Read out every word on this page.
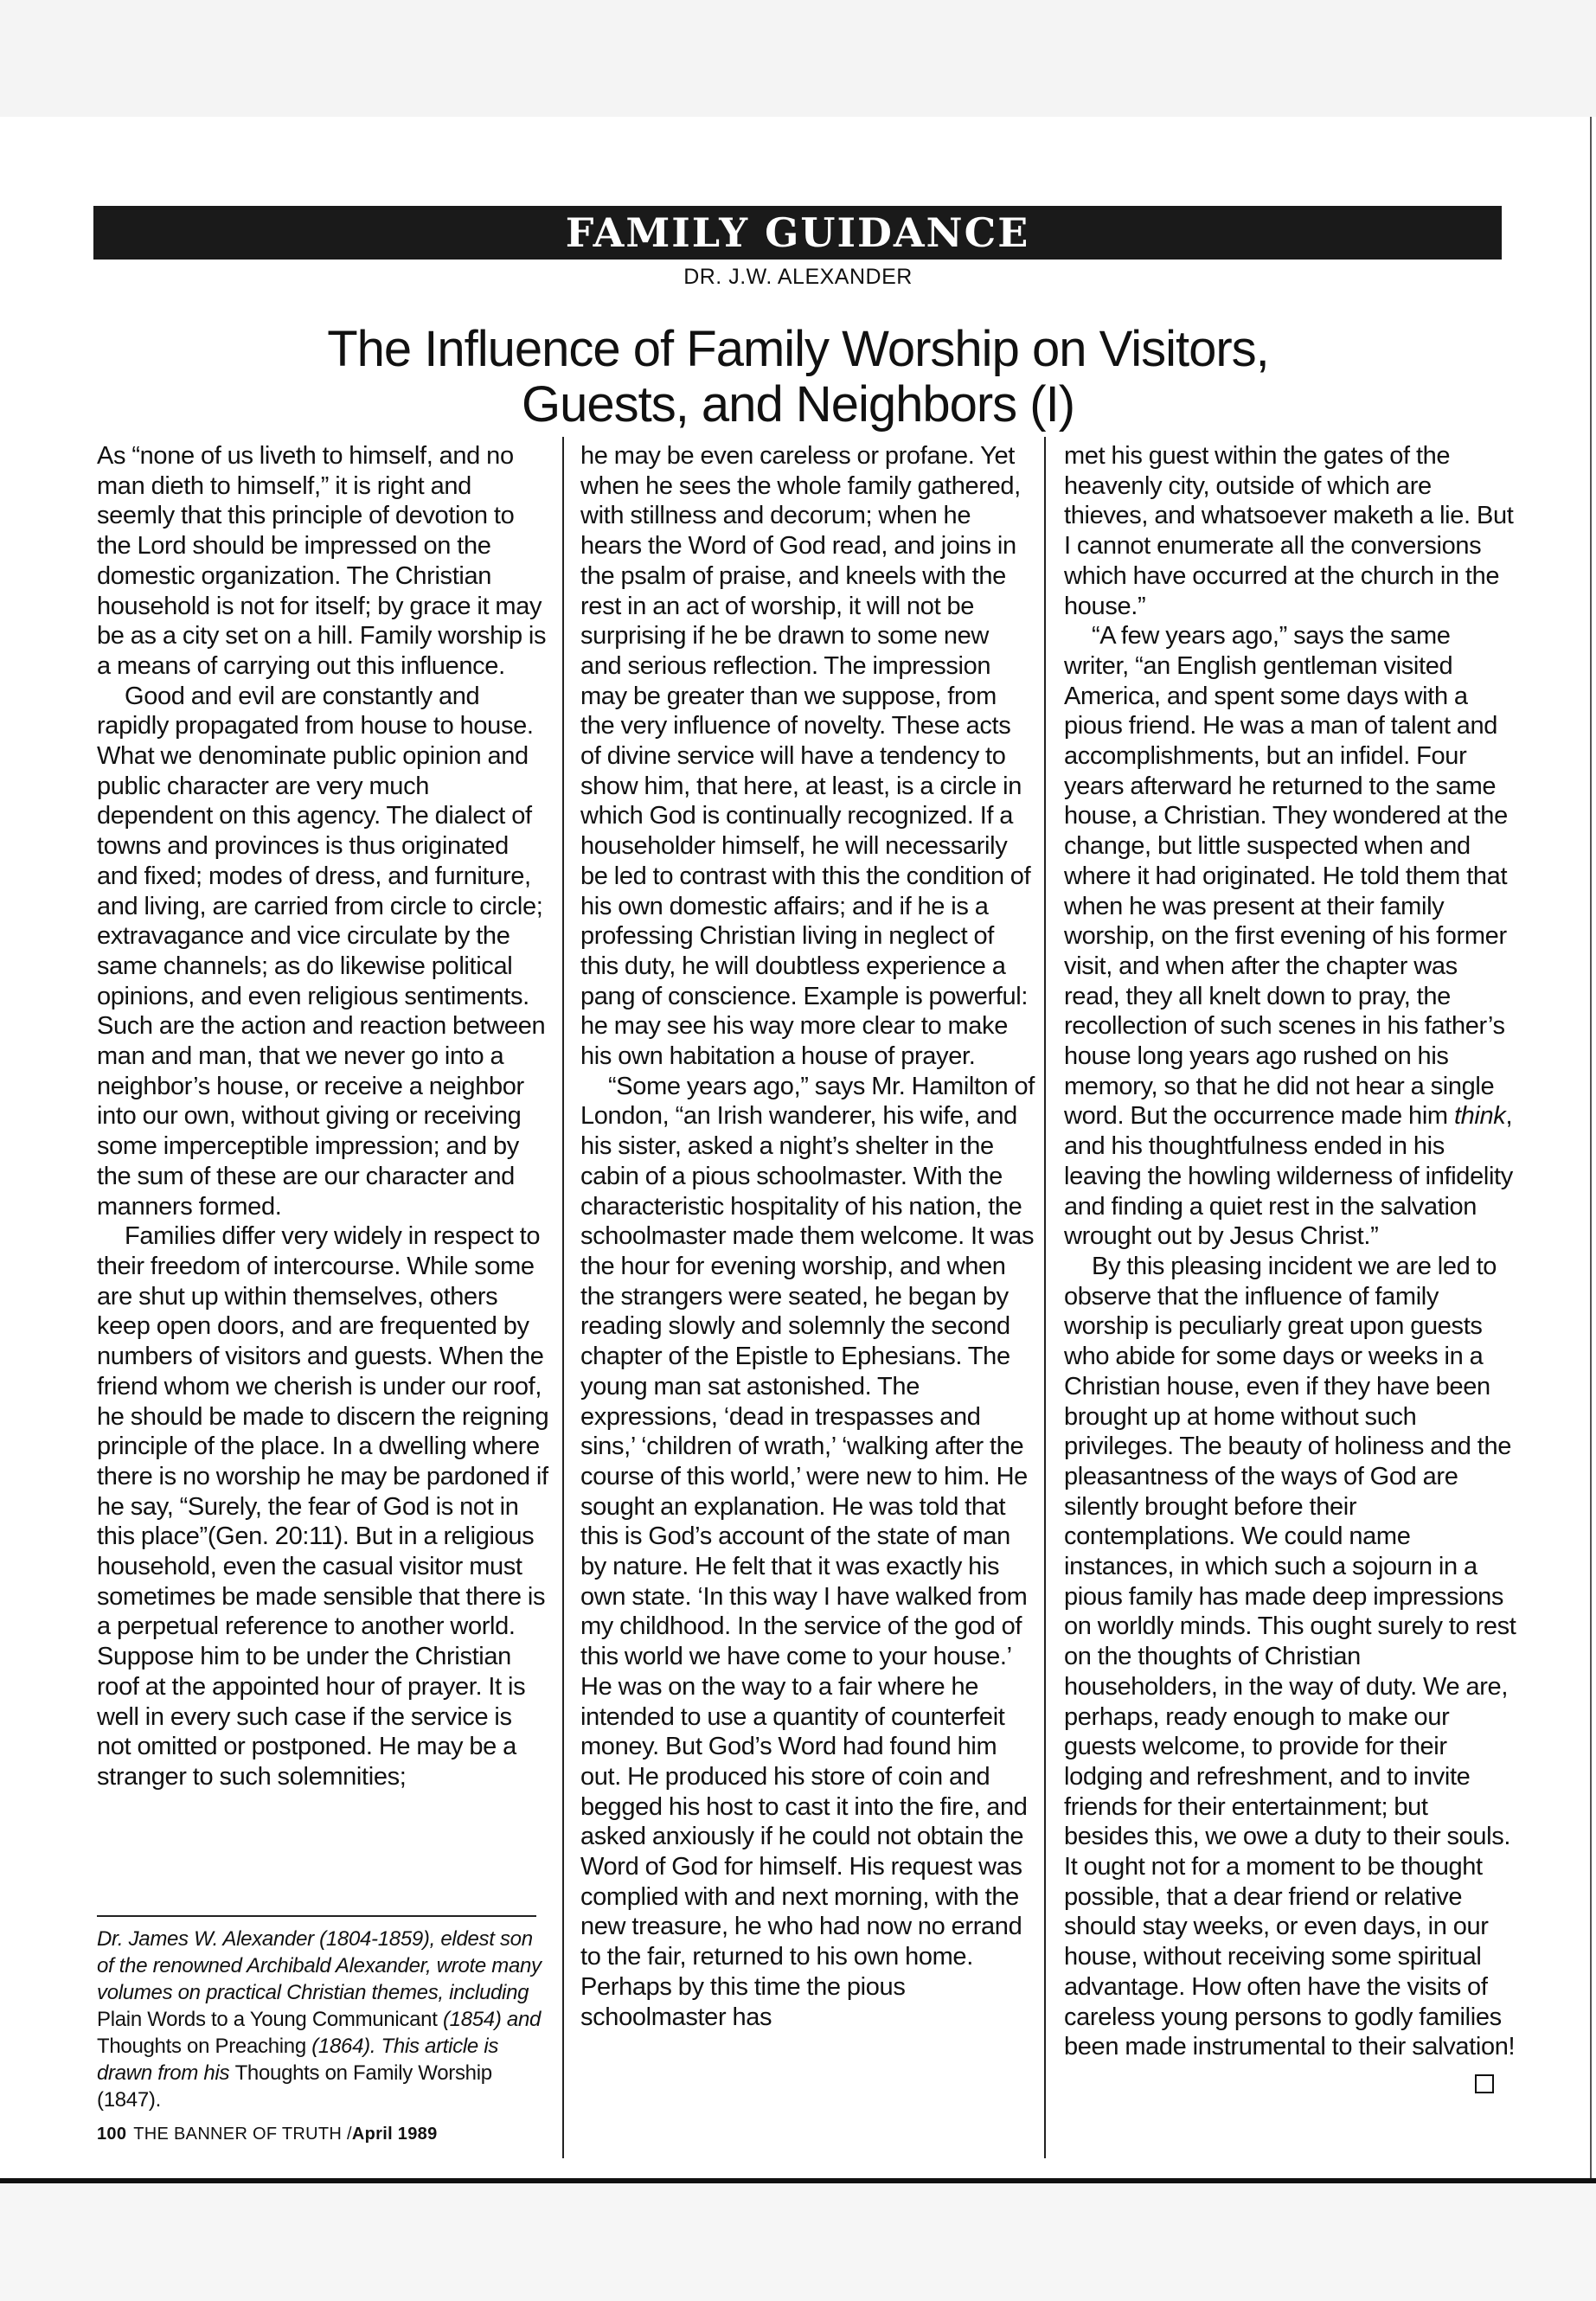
FAMILY GUIDANCE
DR. J.W. ALEXANDER
The Influence of Family Worship on Visitors,
Guests, and Neighbors (I)

As “none of us liveth to himself, and no man dieth to himself,” it is right and seemly that this principle of devotion to the Lord should be impressed on the domestic organization. The Christian household is not for itself; by grace it may be as a city set on a hill. Family worship is a means of carrying out this influence.

Good and evil are constantly and rapidly propagated from house to house. What we denominate public opinion and public character are very much dependent on this agency. The dialect of towns and provinces is thus originated and fixed; modes of dress, and furniture, and living, are carried from circle to circle; extravagance and vice circulate by the same channels; as do likewise political opinions, and even religious sentiments. Such are the action and reaction between man and man, that we never go into a neighbor’s house, or receive a neighbor into our own, without giving or receiving some imperceptible impression; and by the sum of these are our character and manners formed.

Families differ very widely in respect to their freedom of intercourse. While some are shut up within themselves, others keep open doors, and are frequented by numbers of visitors and guests. When the friend whom we cherish is under our roof, he should be made to discern the reigning principle of the place. In a dwelling where there is no worship he may be pardoned if he say, “Surely, the fear of God is not in this place”(Gen. 20:11). But in a religious household, even the casual visitor must sometimes be made sensible that there is a perpetual reference to another world. Suppose him to be under the Christian roof at the appointed hour of prayer. It is well in every such case if the service is not omitted or postponed. He may be a stranger to such solemnities;

he may be even careless or profane. Yet when he sees the whole family gathered, with stillness and decorum; when he hears the Word of God read, and joins in the psalm of praise, and kneels with the rest in an act of worship, it will not be surprising if he be drawn to some new and serious reflection. The impression may be greater than we suppose, from the very influence of novelty. These acts of divine service will have a tendency to show him, that here, at least, is a circle in which God is continually recognized. If a householder himself, he will necessarily be led to contrast with this the condition of his own domestic affairs; and if he is a professing Christian living in neglect of this duty, he will doubtless experience a pang of conscience. Example is powerful: he may see his way more clear to make his own habitation a house of prayer.

“Some years ago,” says Mr. Hamilton of London, “an Irish wanderer, his wife, and his sister, asked a night’s shelter in the cabin of a pious schoolmaster. With the characteristic hospitality of his nation, the schoolmaster made them welcome. It was the hour for evening worship, and when the strangers were seated, he began by reading slowly and solemnly the second chapter of the Epistle to Ephesians. The young man sat astonished. The expressions, ‘dead in trespasses and sins,’ ‘children of wrath,’ ‘walking after the course of this world,’ were new to him. He sought an explanation. He was told that this is God’s account of the state of man by nature. He felt that it was exactly his own state. ‘In this way I have walked from my childhood. In the service of the god of this world we have come to your house.’ He was on the way to a fair where he intended to use a quantity of counterfeit money. But God’s Word had found him out. He produced his store of coin and begged his host to cast it into the fire, and asked anxiously if he could not obtain the Word of God for himself. His request was complied with and next morning, with the new treasure, he who had now no errand to the fair, returned to his own home. Perhaps by this time the pious schoolmaster has

met his guest within the gates of the heavenly city, outside of which are thieves, and whatsoever maketh a lie. But I cannot enumerate all the conversions which have occurred at the church in the house.”

“A few years ago,” says the same writer, “an English gentleman visited America, and spent some days with a pious friend. He was a man of talent and accomplishments, but an infidel. Four years afterward he returned to the same house, a Christian. They wondered at the change, but little suspected when and where it had originated. He told them that when he was present at their family worship, on the first evening of his former visit, and when after the chapter was read, they all knelt down to pray, the recollection of such scenes in his father’s house long years ago rushed on his memory, so that he did not hear a single word. But the occurrence made him think, and his thoughtfulness ended in his leaving the howling wilderness of infidelity and finding a quiet rest in the salvation wrought out by Jesus Christ.”

By this pleasing incident we are led to observe that the influence of family worship is peculiarly great upon guests who abide for some days or weeks in a Christian house, even if they have been brought up at home without such privileges. The beauty of holiness and the pleasantness of the ways of God are silently brought before their contemplations. We could name instances, in which such a sojourn in a pious family has made deep impressions on worldly minds. This ought surely to rest on the thoughts of Christian householders, in the way of duty. We are, perhaps, ready enough to make our guests welcome, to provide for their lodging and refreshment, and to invite friends for their entertainment; but besides this, we owe a duty to their souls. It ought not for a moment to be thought possible, that a dear friend or relative should stay weeks, or even days, in our house, without receiving some spiritual advantage. How often have the visits of careless young persons to godly families been made instrumental to their salvation!

Dr. James W. Alexander (1804-1859), eldest son of the renowned Archibald Alexander, wrote many volumes on practical Christian themes, including Plain Words to a Young Communicant (1854) and Thoughts on Preaching (1864). This article is drawn from his Thoughts on Family Worship (1847).
100 THE BANNER OF TRUTH /April 1989
